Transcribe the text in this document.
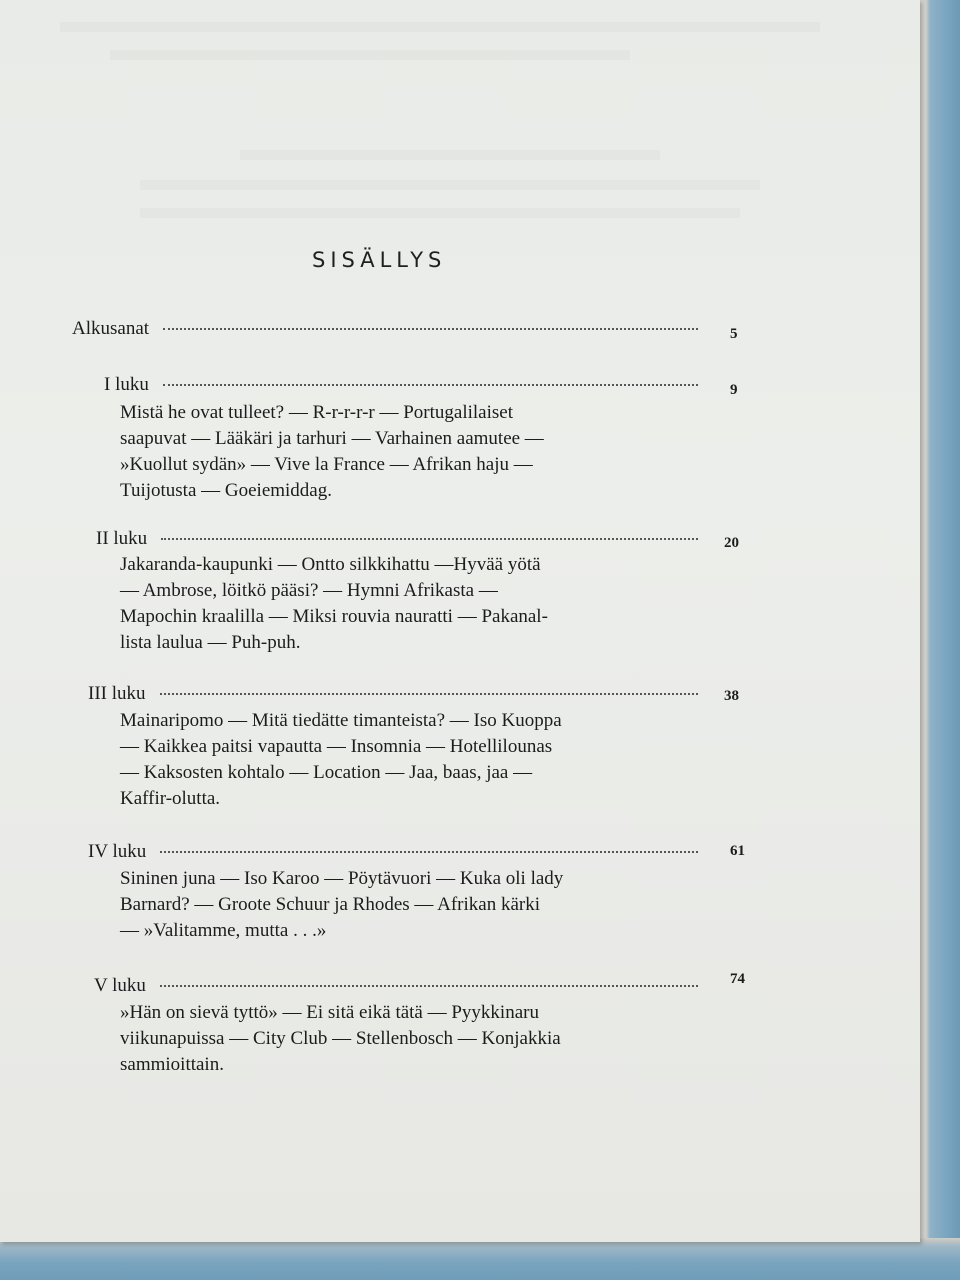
SISÄLLYS
Alkusanat	5
I luku	9
Mistä he ovat tulleet? — R-r-r-r-r — Portugalilaiset
saapuvat — Lääkäri ja tarhuri — Varhainen aamutee —
»Kuollut sydän» — Vive la France — Afrikan haju —
Tuijotusta — Goeiemiddag.
II luku	20
Jakaranda-kaupunki — Ontto silkkihattu —Hyvää yötä
— Ambrose, löitkö pääsi? — Hymni Afrikasta —
Mapochin kraalilla — Miksi rouvia nauratti — Pakanal-
lista laulua — Puh-puh.
III luku	38
Mainaripomo — Mitä tiedätte timanteista? — Iso Kuoppa
— Kaikkea paitsi vapautta — Insomnia — Hotellilounas
— Kaksosten kohtalo — Location — Jaa, baas, jaa —
Kaffir-olutta.
IV luku	61
Sininen juna — Iso Karoo — Pöytävuori — Kuka oli lady
Barnard? — Groote Schuur ja Rhodes — Afrikan kärki
— »Valitamme, mutta . . .»
V luku	74
»Hän on sievä tyttö» — Ei sitä eikä tätä — Pyykkinaru
viikunapuissa — City Club — Stellenbosch — Konjakkia
sammioittain.
